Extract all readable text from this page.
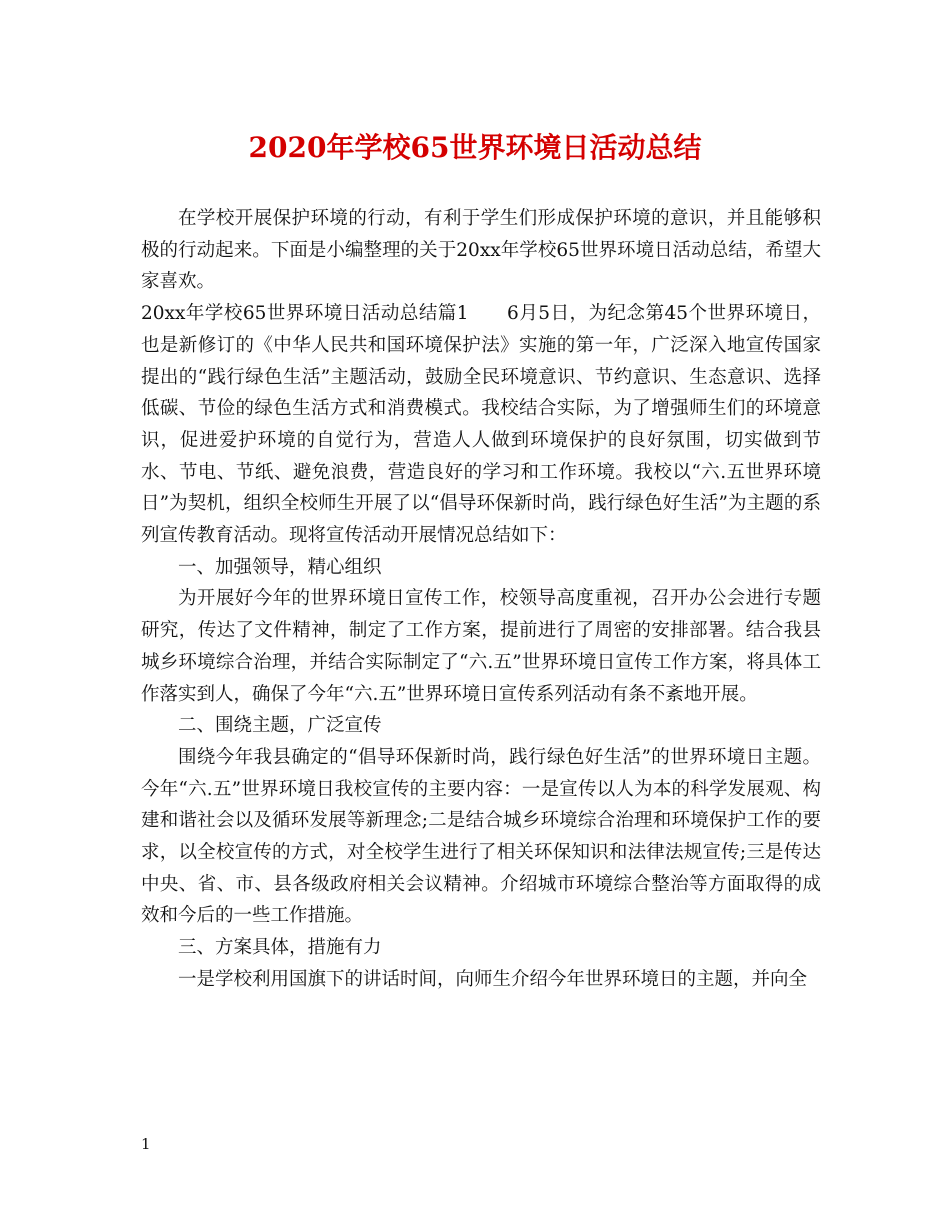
2020年学校65世界环境日活动总结

在学校开展保护环境的行动，有利于学生们形成保护环境的意识，并且能够积极的行动起来。下面是小编整理的关于20xx年学校65世界环境日活动总结，希望大家喜欢。

20xx年学校65世界环境日活动总结篇1　　6月5日，为纪念第45个世界环境日，也是新修订的《中华人民共和国环境保护法》实施的第一年，广泛深入地宣传国家提出的“践行绿色生活”主题活动，鼓励全民环境意识、节约意识、生态意识、选择低碳、节俭的绿色生活方式和消费模式。我校结合实际，为了增强师生们的环境意识，促进爱护环境的自觉行为，营造人人做到环境保护的良好氛围，切实做到节水、节电、节纸、避免浪费，营造良好的学习和工作环境。我校以“六.五世界环境日”为契机，组织全校师生开展了以“倡导环保新时尚，践行绿色好生活”为主题的系列宣传教育活动。现将宣传活动开展情况总结如下：

一、加强领导，精心组织

为开展好今年的世界环境日宣传工作，校领导高度重视，召开办公会进行专题研究，传达了文件精神，制定了工作方案，提前进行了周密的安排部署。结合我县城乡环境综合治理，并结合实际制定了“六.五”世界环境日宣传工作方案，将具体工作落实到人，确保了今年“六.五”世界环境日宣传系列活动有条不紊地开展。

二、围绕主题，广泛宣传

围绕今年我县确定的“倡导环保新时尚，践行绿色好生活”的世界环境日主题。今年“六.五”世界环境日我校宣传的主要内容：一是宣传以人为本的科学发展观、构建和谐社会以及循环发展等新理念;二是结合城乡环境综合治理和环境保护工作的要求，以全校宣传的方式，对全校学生进行了相关环保知识和法律法规宣传;三是传达中央、省、市、县各级政府相关会议精神。介绍城市环境综合整治等方面取得的成效和今后的一些工作措施。

三、方案具体，措施有力

一是学校利用国旗下的讲话时间，向师生介绍今年世界环境日的主题，并向全

1
